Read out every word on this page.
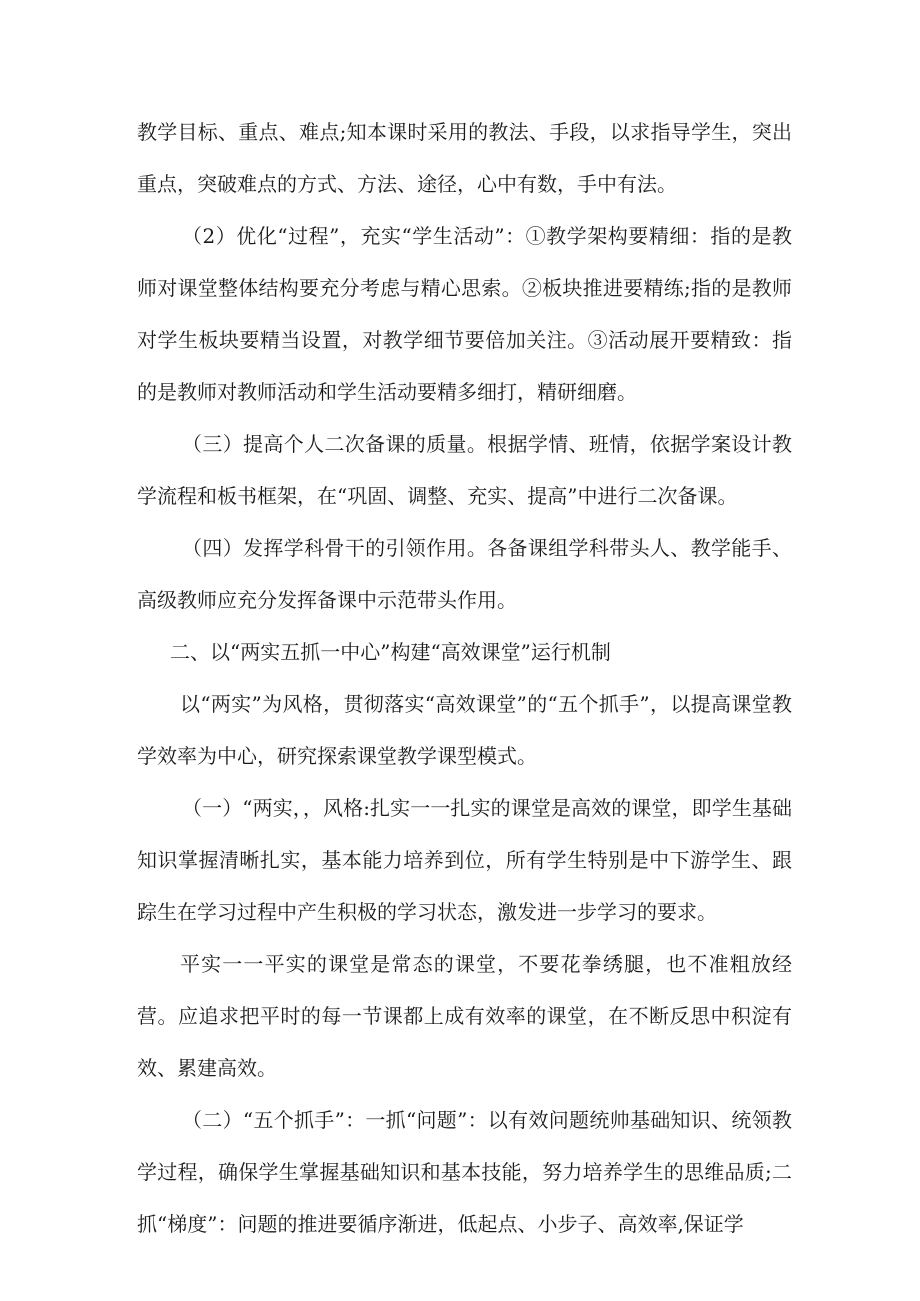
教学目标、重点、难点;知本课时采用的教法、手段，以求指导学生，突出重点，突破难点的方式、方法、途径，心中有数，手中有法。

（2）优化“过程”，充实“学生活动”：①教学架构要精细：指的是教师对课堂整体结构要充分考虑与精心思索。②板块推进要精练;指的是教师对学生板块要精当设置，对教学细节要倍加关注。③活动展开要精致：指的是教师对教师活动和学生活动要精多细打，精研细磨。

（三）提高个人二次备课的质量。根据学情、班情，依据学案设计教学流程和板书框架，在“巩固、调整、充实、提高”中进行二次备课。

（四）发挥学科骨干的引领作用。各备课组学科带头人、教学能手、高级教师应充分发挥备课中示范带头作用。

二、以“两实五抓一中心”构建“高效课堂”运行机制

以“两实”为风格，贯彻落实“高效课堂”的“五个抓手”，以提高课堂教学效率为中心，研究探索课堂教学课型模式。

（一）“两实，，风格:扎实一一扎实的课堂是高效的课堂，即学生基础知识掌握清晰扎实，基本能力培养到位，所有学生特别是中下游学生、跟踪生在学习过程中产生积极的学习状态，激发进一步学习的要求。

平实一一平实的课堂是常态的课堂，不要花拳绣腿，也不准粗放经营。应追求把平时的每一节课都上成有效率的课堂，在不断反思中积淀有效、累建高效。

（二）“五个抓手”：一抓“问题”：以有效问题统帅基础知识、统领教学过程，确保学生掌握基础知识和基本技能，努力培养学生的思维品质;二抓“梯度”：问题的推进要循序渐进，低起点、小步子、高效率,保证学
